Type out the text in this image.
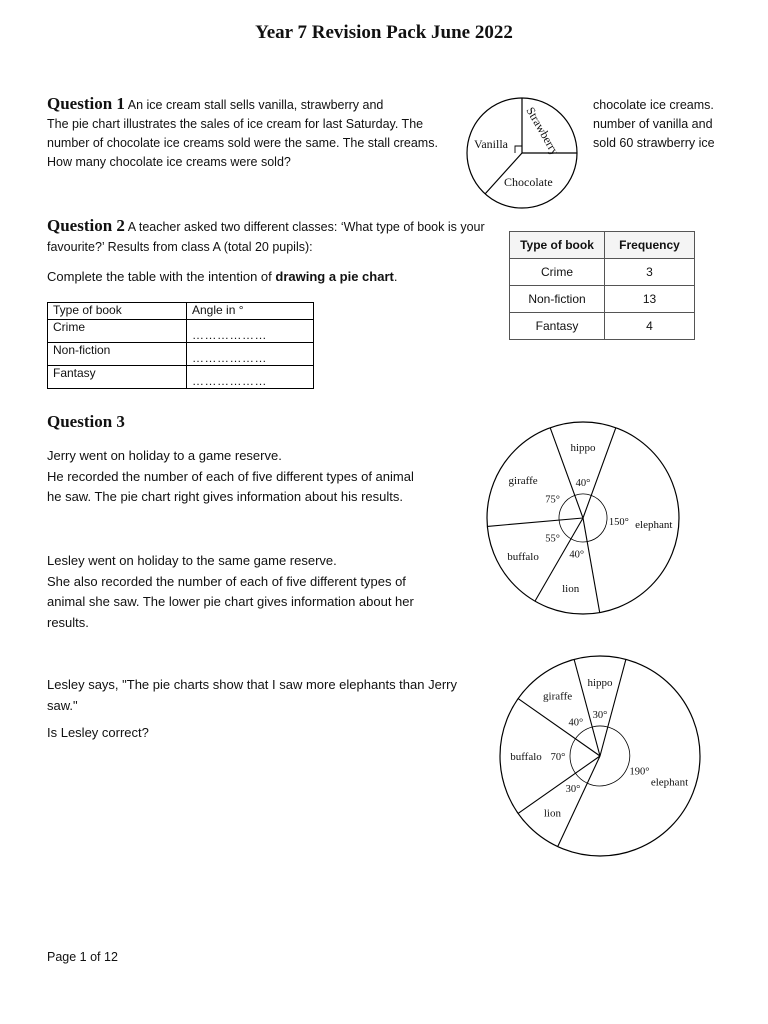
Year 7 Revision Pack June 2022
Question 1 An ice cream stall sells vanilla, strawberry and
The pie chart illustrates the sales of ice cream for last Saturday. The number of chocolate ice creams sold were the same. The stall creams. How many chocolate ice creams were sold?
chocolate ice creams.
number of vanilla and
sold 60 strawberry ice
Vanilla Strawberry
Chocolate
Question 2 A teacher asked two different classes: ‘What type of book is your favourite?’ Results from class A (total 20 pupils):
Complete the table with the intention of drawing a pie chart.
Type of book	Angle in °
Crime	………………
Non-fiction	………………
Fantasy	………………
Type of book	Frequency
Crime	3
Non-fiction	13
Fantasy	4
Question 3
Jerry went on holiday to a game reserve.
He recorded the number of each of five different types of animal
he saw. The pie chart right gives information about his results.
Lesley went on holiday to the same game reserve.
She also recorded the number of each of five different types of
animal she saw. The lower pie chart gives information about her
results.
Lesley says, "The pie charts show that I saw more elephants than Jerry
saw."
Is Lesley correct?
40°
hippo
150° elephant
40°
lion
55°
buffalo
75°
giraffe
30°
hippo
190°
elephant
30°
lion
70°
buffalo
40°
giraffe
Page 1 of 12
